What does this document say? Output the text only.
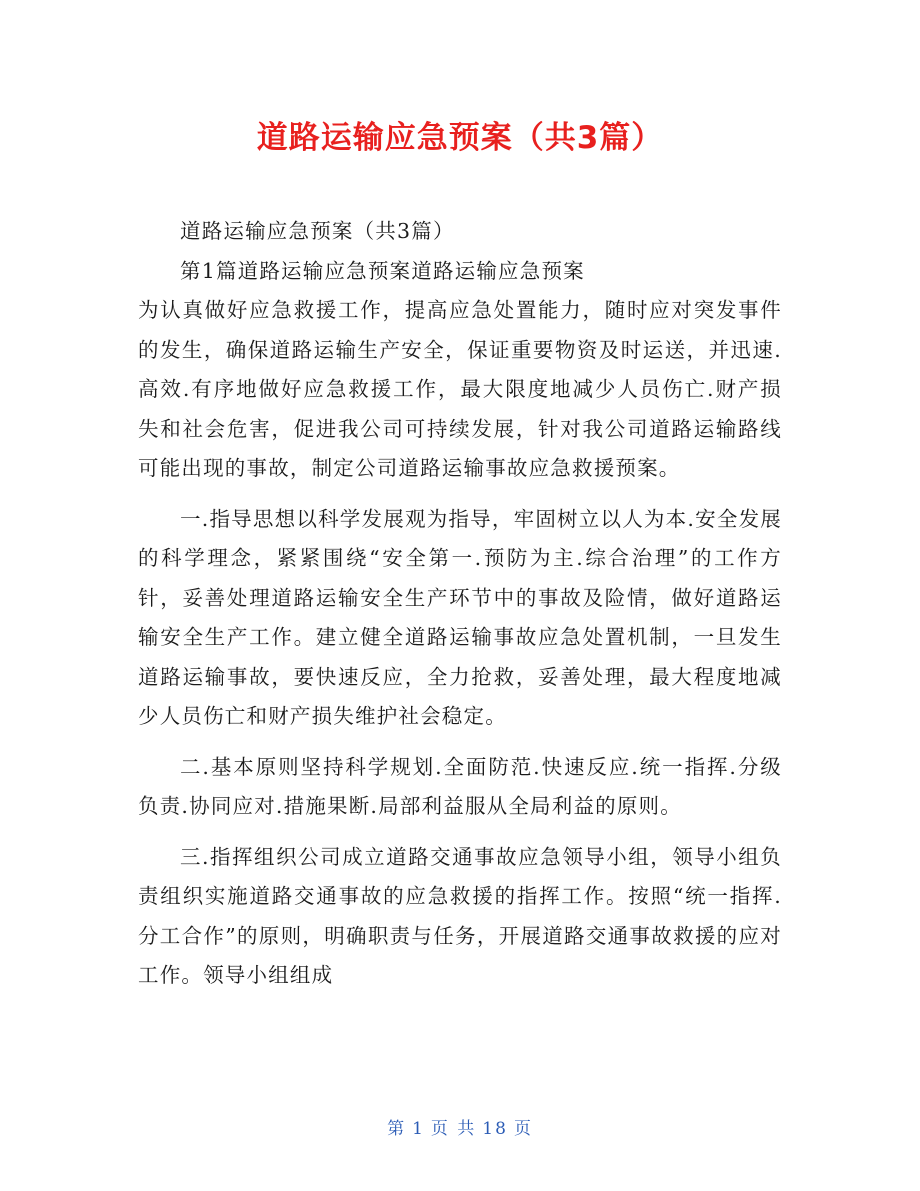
道路运输应急预案（共3篇）

道路运输应急预案（共3篇）

第1篇道路运输应急预案道路运输应急预案

为认真做好应急救援工作，提高应急处置能力，随时应对突发事件的发生，确保道路运输生产安全，保证重要物资及时运送，并迅速.高效.有序地做好应急救援工作，最大限度地减少人员伤亡.财产损失和社会危害，促进我公司可持续发展，针对我公司道路运输路线可能出现的事故，制定公司道路运输事故应急救援预案。

一.指导思想以科学发展观为指导，牢固树立以人为本.安全发展的科学理念，紧紧围绕“安全第一.预防为主.综合治理”的工作方针，妥善处理道路运输安全生产环节中的事故及险情，做好道路运输安全生产工作。建立健全道路运输事故应急处置机制，一旦发生道路运输事故，要快速反应，全力抢救，妥善处理，最大程度地减少人员伤亡和财产损失维护社会稳定。

二.基本原则坚持科学规划.全面防范.快速反应.统一指挥.分级负责.协同应对.措施果断.局部利益服从全局利益的原则。

三.指挥组织公司成立道路交通事故应急领导小组，领导小组负责组织实施道路交通事故的应急救援的指挥工作。按照“统一指挥.分工合作”的原则，明确职责与任务，开展道路交通事故救援的应对工作。领导小组组成

第 1 页 共 18 页
